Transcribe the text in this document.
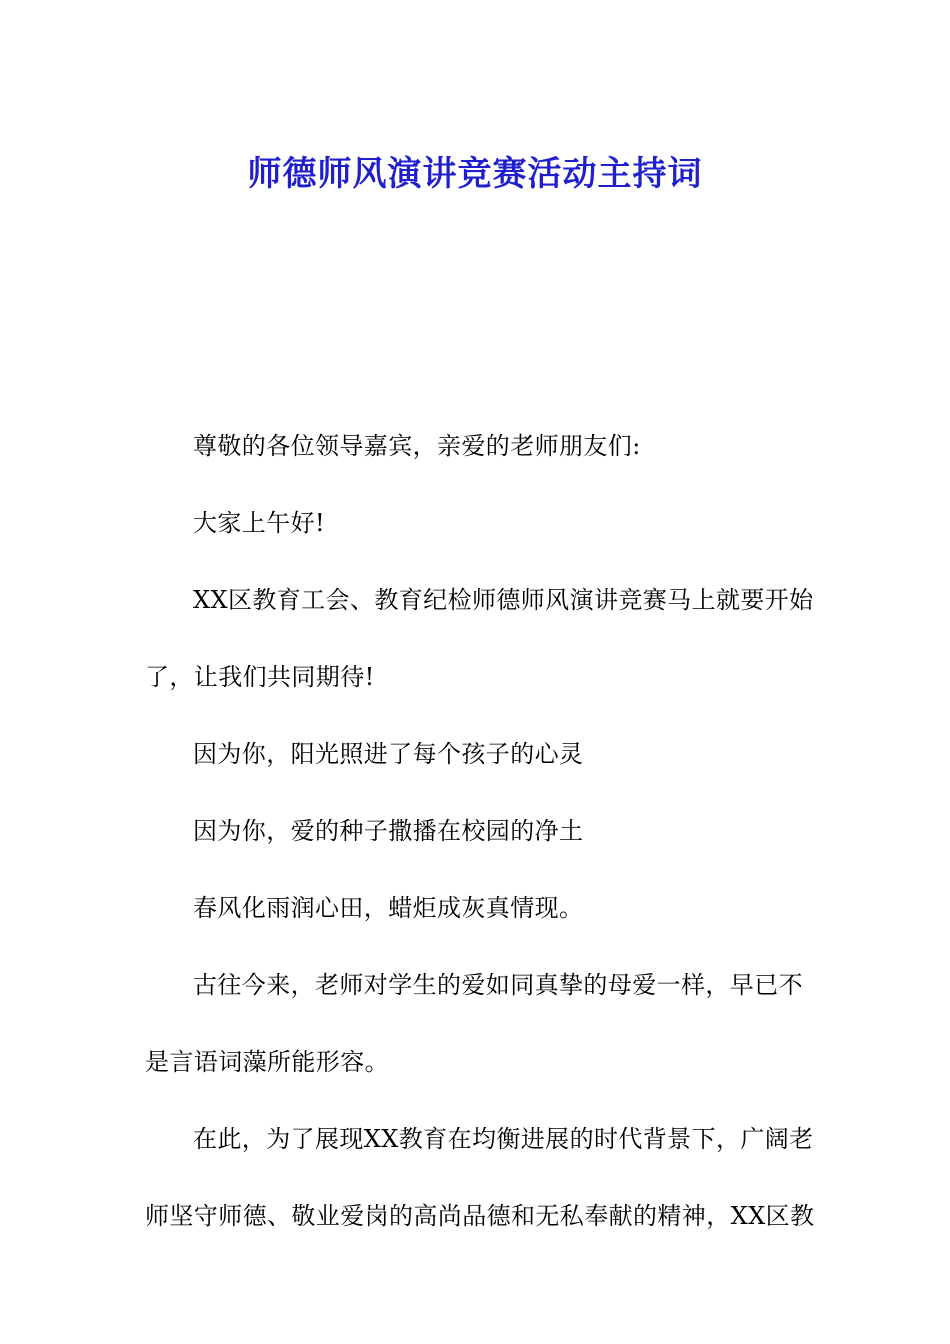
师德师风演讲竞赛活动主持词

尊敬的各位领导嘉宾，亲爱的老师朋友们:

大家上午好!

XX区教育工会、教育纪检师德师风演讲竞赛马上就要开始

了，让我们共同期待!

因为你，阳光照进了每个孩子的心灵

因为你，爱的种子撒播在校园的净土

春风化雨润心田，蜡炬成灰真情现。

古往今来，老师对学生的爱如同真挚的母爱一样，早已不

是言语词藻所能形容。

在此，为了展现XX教育在均衡进展的时代背景下，广阔老

师坚守师德、敬业爱岗的高尚品德和无私奉献的精神，XX区教
